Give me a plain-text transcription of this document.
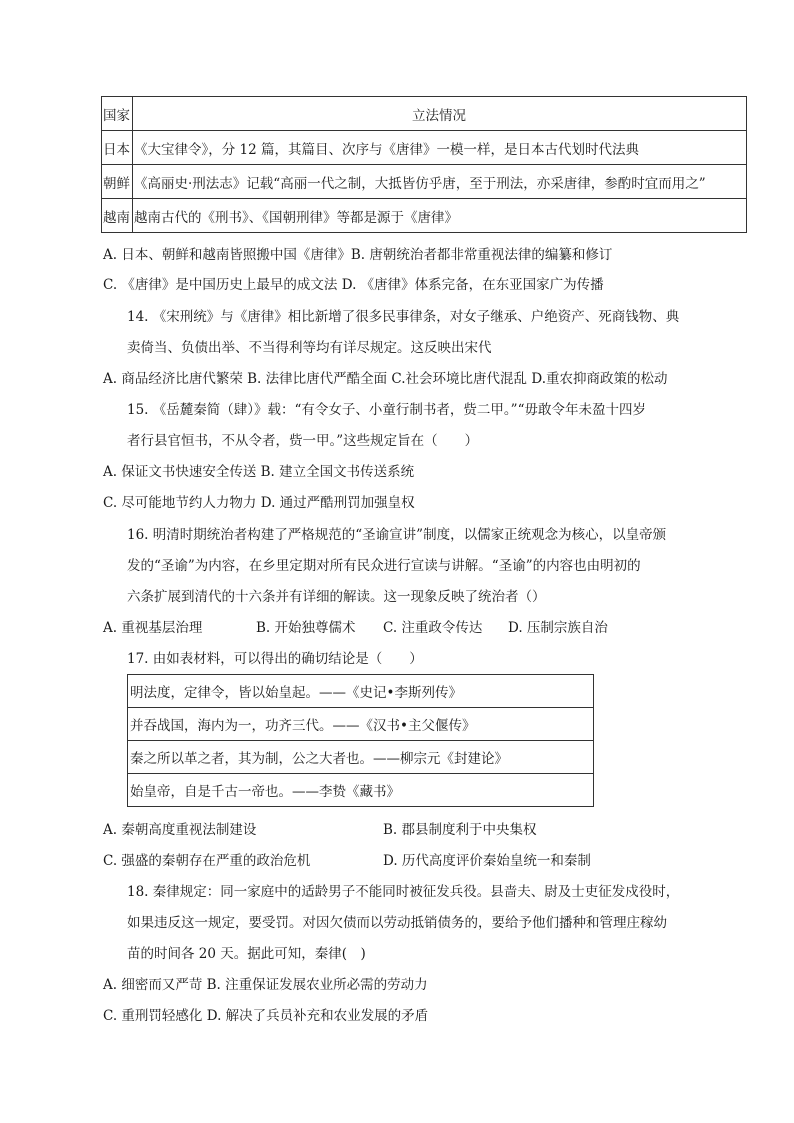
国家	立法情况
日本	《大宝律令》，分 12 篇，其篇目、次序与《唐律》一模一样，是日本古代划时代法典
朝鲜	《高丽史·刑法志》记载“高丽一代之制，大抵皆仿乎唐，至于刑法，亦采唐律，参酌时宜而用之”
越南	越南古代的《刑书》、《国朝刑律》等都是源于《唐律》
A. 日本、朝鲜和越南皆照搬中国《唐律》B. 唐朝统治者都非常重视法律的编纂和修订
C. 《唐律》是中国历史上最早的成文法 D. 《唐律》体系完备，在东亚国家广为传播
14. 《宋刑统》与《唐律》相比新增了很多民事律条，对女子继承、户绝资产、死商钱物、典
卖倚当、负债出举、不当得利等均有详尽规定。这反映出宋代
A. 商品经济比唐代繁荣 B. 法律比唐代严酷全面 C.社会环境比唐代混乱 D.重农抑商政策的松动
15. 《岳麓秦简（肆）》载：“有令女子、小童行制书者，赀二甲。”“毋敢令年未盈十四岁
者行县官恒书，不从令者，赀一甲。”这些规定旨在（　　）
A. 保证文书快速安全传送 B. 建立全国文书传送系统
C. 尽可能地节约人力物力 D. 通过严酷刑罚加强皇权
16. 明清时期统治者构建了严格规范的“圣谕宣讲”制度，以儒家正统观念为核心，以皇帝颁
发的“圣谕”为内容，在乡里定期对所有民众进行宣读与讲解。“圣谕”的内容也由明初的
六条扩展到清代的十六条并有详细的解读。这一现象反映了统治者（）
A. 重视基层治理	B. 开始独尊儒术 C. 注重政令传达 D. 压制宗族自治
17. 由如表材料，可以得出的确切结论是（　　）
明法度，定律令，皆以始皇起。——《史记•李斯列传》
并吞战国，海内为一，功齐三代。——《汉书•主父偃传》
秦之所以革之者，其为制，公之大者也。——柳宗元《封建论》
始皇帝，自是千古一帝也。——李贽《藏书》
A. 秦朝高度重视法制建设	B. 郡县制度利于中央集权
C. 强盛的秦朝存在严重的政治危机	D. 历代高度评价秦始皇统一和秦制
18. 秦律规定：同一家庭中的适龄男子不能同时被征发兵役。县啬夫、尉及士吏征发戍役时，
如果违反这一规定，要受罚。对因欠债而以劳动抵销债务的，要给予他们播种和管理庄稼幼
苗的时间各 20 天。据此可知，秦律(　)
A. 细密而又严苛 B. 注重保证发展农业所必需的劳动力
C. 重刑罚轻感化 D. 解决了兵员补充和农业发展的矛盾
